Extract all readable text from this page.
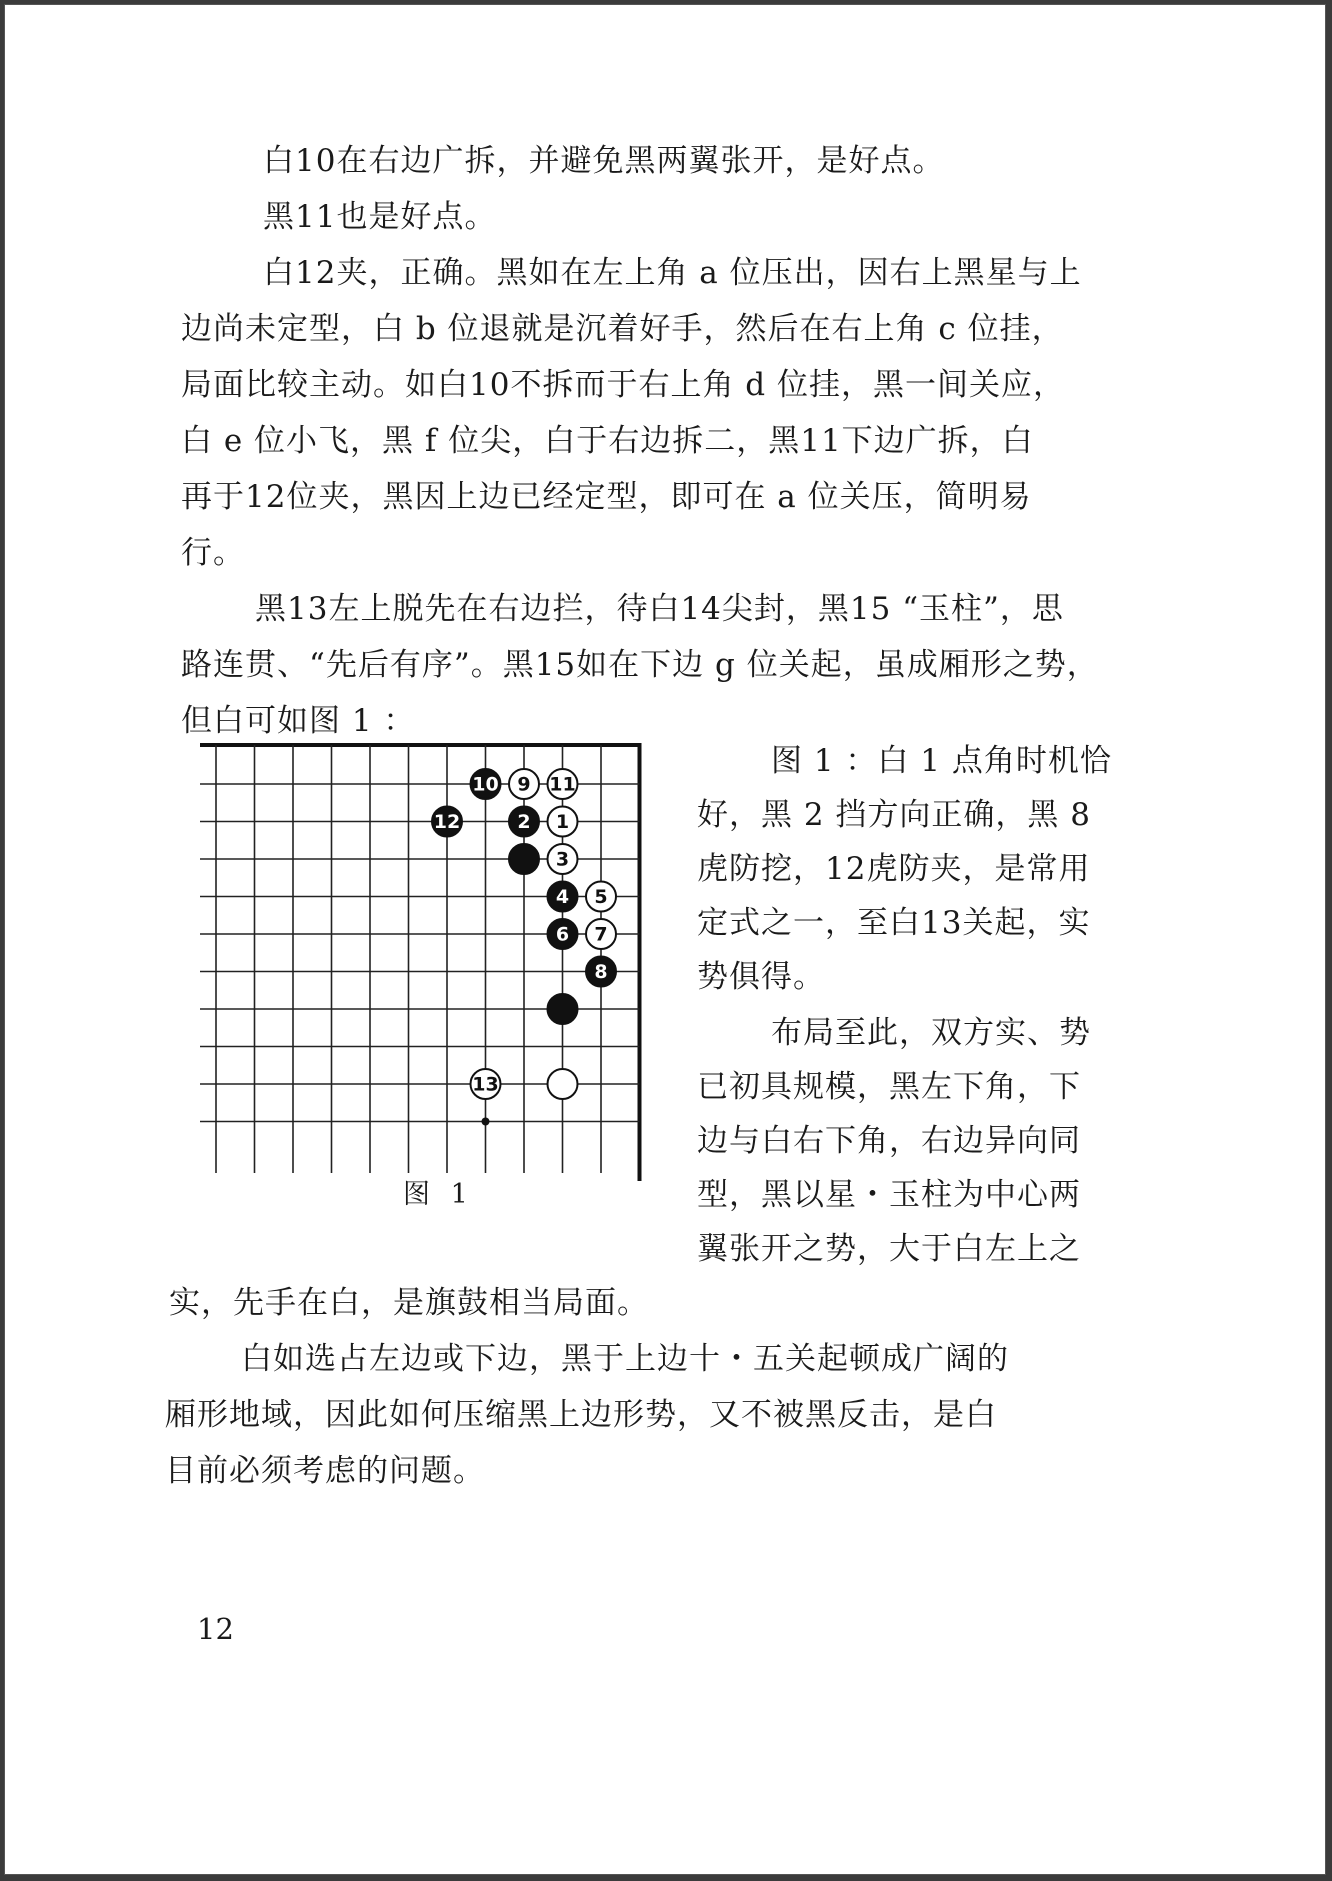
白10在右边广拆，并避免黑两翼张开，是好点。
黑11也是好点。
白12夹，正确。黑如在左上角 a 位压出，因右上黑星与上
边尚未定型，白 b 位退就是沉着好手，然后在右上角 c 位挂，
局面比较主动。如白10不拆而于右上角 d 位挂，黑一间关应，
白 e 位小飞，黑 f 位尖，白于右边拆二，黑11下边广拆，白
再于12位夹，黑因上边已经定型，即可在 a 位关压，简明易
行。
黑13左上脱先在右边拦，待白14尖封，黑15 “玉柱”，思
路连贯、“先后有序”。黑15如在下边 g 位关起，虽成厢形之势，
但白可如图 1 ：
10 9 11
12	2 1
3
4 5
6 7
8
13
图 1
图 1 ：白 1 点角时机恰
好，黑 2 挡方向正确，黑 8
虎防挖，12虎防夹，是常用
定式之一，至白13关起，实
势俱得。
布局至此，双方实、势
已初具规模，黑左下角，下
边与白右下角，右边异向同
型，黑以星・玉柱为中心两
翼张开之势，大于白左上之
实，先手在白，是旗鼓相当局面。
白如选占左边或下边，黑于上边十・五关起顿成广阔的
厢形地域，因此如何压缩黑上边形势，又不被黑反击，是白
目前必须考虑的问题。
12
